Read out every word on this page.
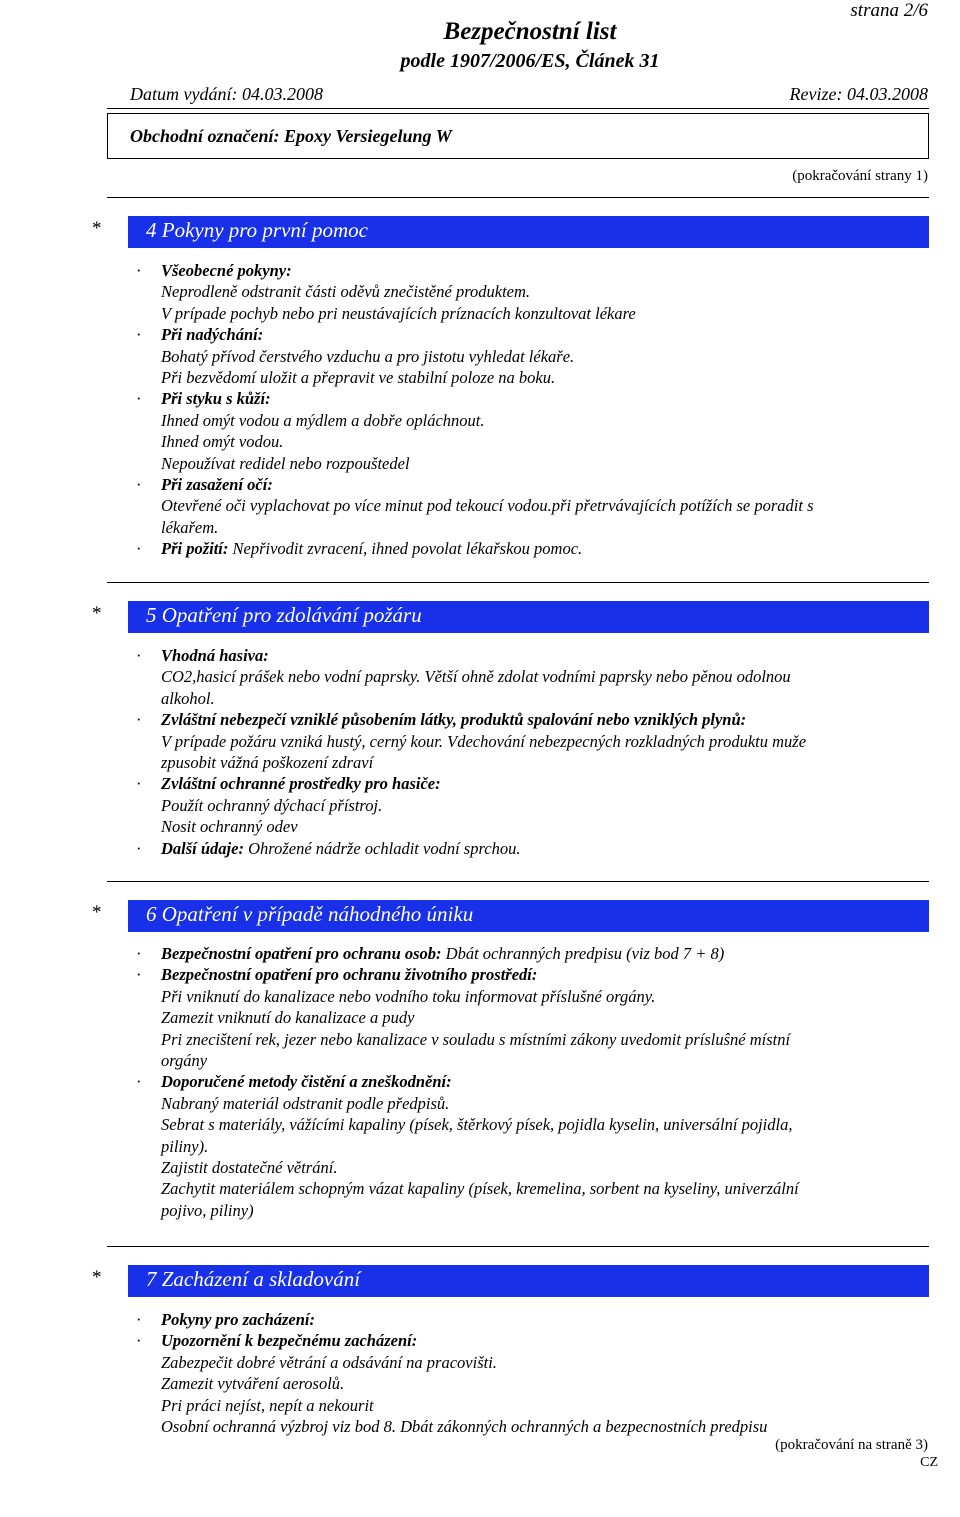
strana 2/6
Bezpečnostní list
podle 1907/2006/ES, Článek 31
Datum vydání: 04.03.2008	Revize: 04.03.2008
Obchodní označení: Epoxy Versiegelung W
(pokračování strany 1)
* 4 Pokyny pro první pomoc
· Všeobecné pokyny:
Neprodleně odstranit části oděvů znečistěné produktem.
V prípade pochyb nebo pri neustávajících príznacích konzultovat lékare
· Při nadýchání:
Bohatý přívod čerstvého vzduchu a pro jistotu vyhledat lékaře.
Při bezvědomí uložit a přepravit ve stabilní poloze na boku.
· Při styku s kůží:
Ihned omýt vodou a mýdlem a dobře opláchnout.
Ihned omýt vodou.
Nepoužívat redidel nebo rozpouštedel
· Při zasažení očí:
Otevřené oči vyplachovat po více minut pod tekoucí vodou.při přetrvávajících potížích se poradit s
lékařem.
· Při požití: Nepřivodit zvracení, ihned povolat lékařskou pomoc.
* 5 Opatření pro zdolávání požáru
· Vhodná hasiva:
CO2,hasicí prášek nebo vodní paprsky. Větší ohně zdolat vodními paprsky nebo pěnou odolnou
alkohol.
· Zvláštní nebezpečí vzniklé působením látky, produktů spalování nebo vzniklých plynů:
V prípade požáru vzniká hustý, cerný kour. Vdechování nebezpecných rozkladných produktu muže
zpusobit vážná poškození zdraví
· Zvláštní ochranné prostředky pro hasiče:
Použít ochranný dýchací přístroj.
Nosit ochranný odev
· Další údaje: Ohrožené nádrže ochladit vodní sprchou.
* 6 Opatření v případě náhodného úniku
· Bezpečnostní opatření pro ochranu osob: Dbát ochranných predpisu (viz bod 7 + 8)
· Bezpečnostní opatření pro ochranu životního prostředí:
Při vniknutí do kanalizace nebo vodního toku informovat příslušné orgány.
Zamezit vniknutí do kanalizace a pudy
Pri znecištení rek, jezer nebo kanalizace v souladu s místními zákony uvedomit prísluŝné místní
orgány
· Doporučené metody čistění a zneškodnění:
Nabraný materiál odstranit podle předpisů.
Sebrat s materiály, vážícími kapaliny (písek, štěrkový písek, pojidla kyselin, universální pojidla,
piliny).
Zajistit dostatečné větrání.
Zachytit materiálem schopným vázat kapaliny (písek, kremelina, sorbent na kyseliny, univerzální
pojivo, piliny)
* 7 Zacházení a skladování
· Pokyny pro zacházení:
· Upozornění k bezpečnému zacházení:
Zabezpečit dobré větrání a odsávání na pracovišti.
Zamezit vytváření aerosolů.
Pri práci nejíst, nepít a nekourit
Osobní ochranná výzbroj viz bod 8. Dbát zákonných ochranných a bezpecnostních predpisu
(pokračování na straně 3)
CZ
